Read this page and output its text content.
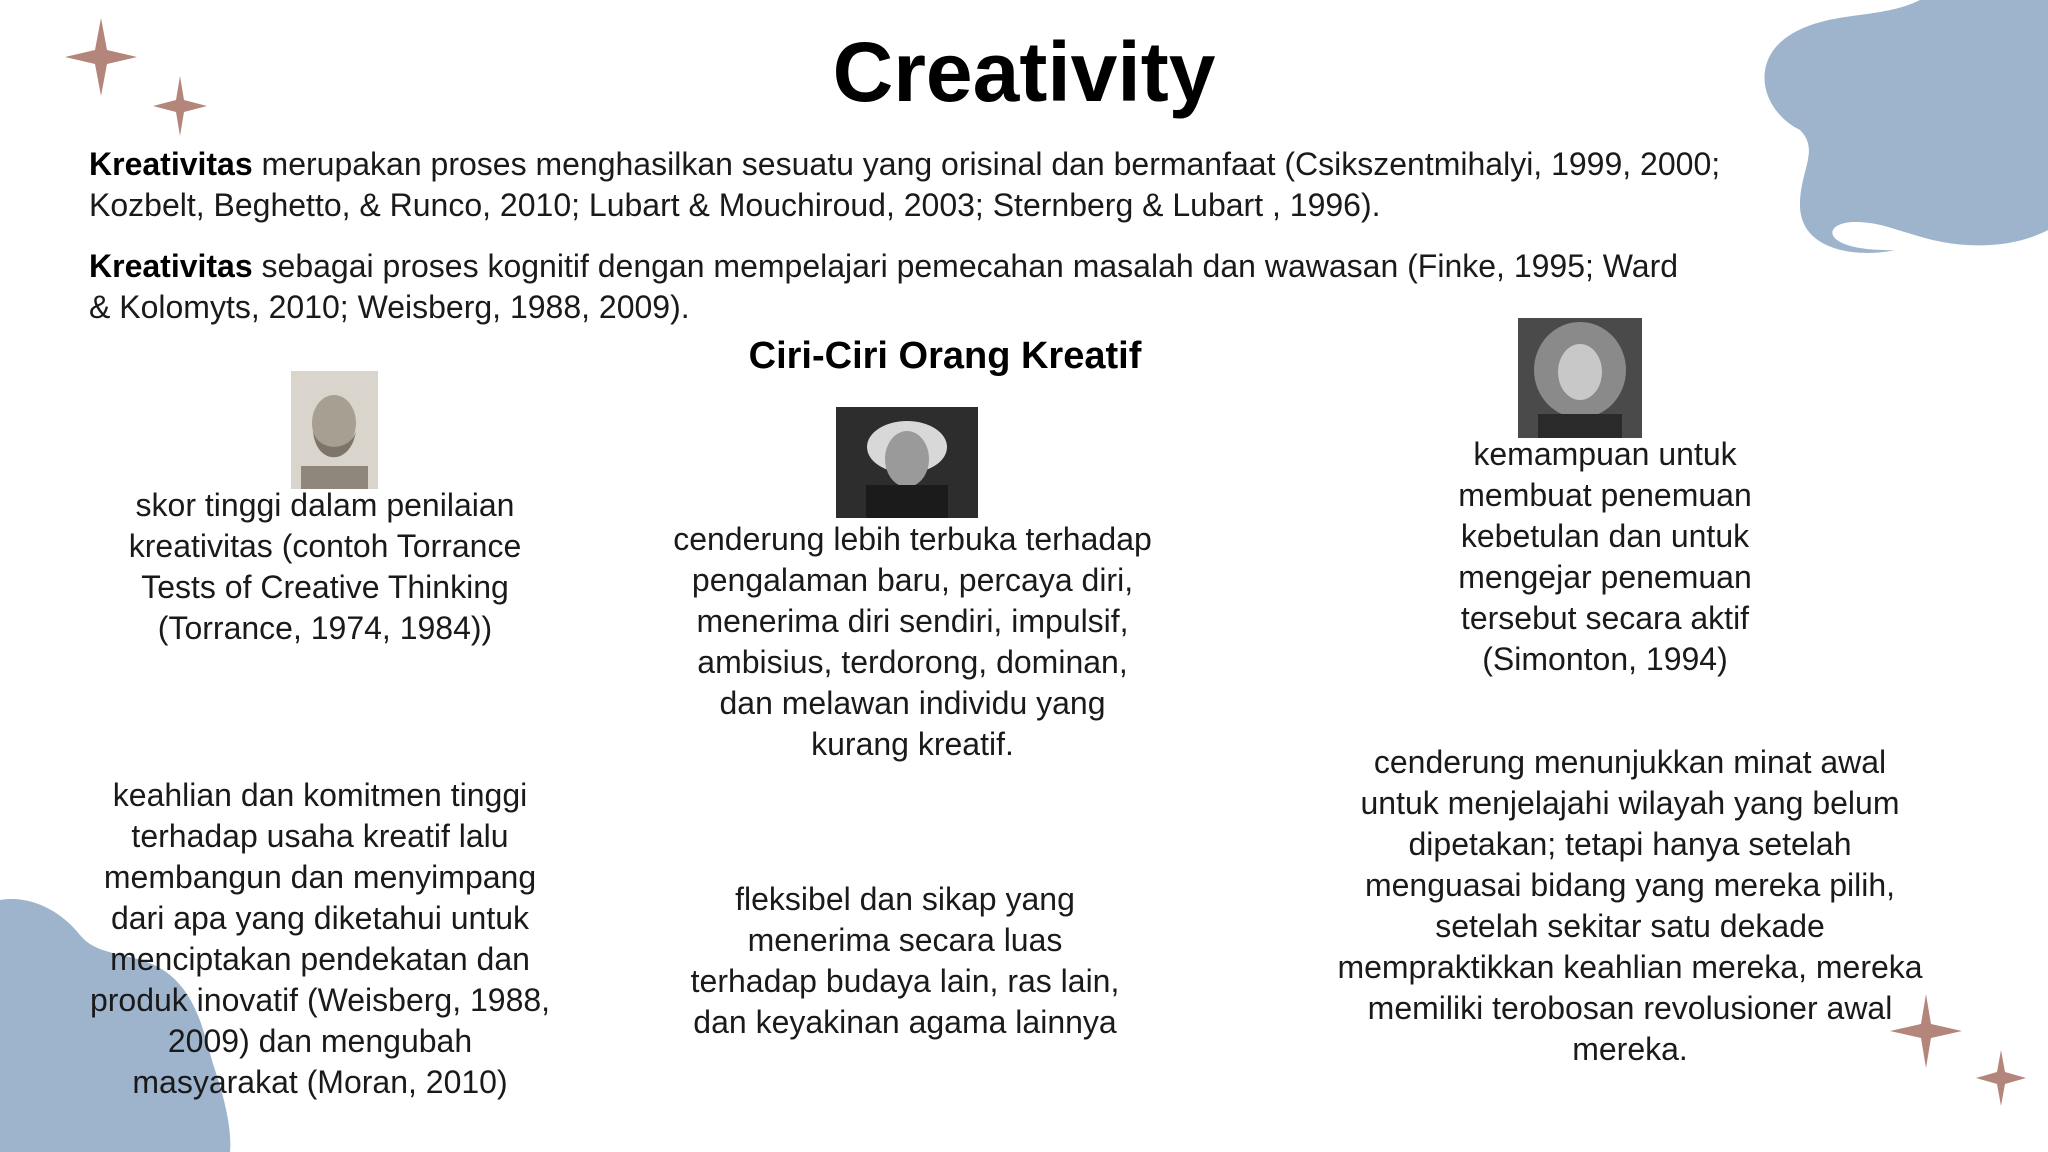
Creativity
Kreativitas merupakan proses menghasilkan sesuatu yang orisinal dan bermanfaat (Csikszentmihalyi, 1999, 2000;
Kozbelt, Beghetto, & Runco, 2010; Lubart & Mouchiroud, 2003; Sternberg & Lubart , 1996).
Kreativitas sebagai proses kognitif dengan mempelajari pemecahan masalah dan wawasan (Finke, 1995; Ward
& Kolomyts, 2010; Weisberg, 1988, 2009).
Ciri-Ciri Orang Kreatif
skor tinggi dalam penilaian
kreativitas (contoh Torrance
Tests of Creative Thinking
(Torrance, 1974, 1984))
cenderung lebih terbuka terhadap
pengalaman baru, percaya diri,
menerima diri sendiri, impulsif,
ambisius, terdorong, dominan,
dan melawan individu yang
kurang kreatif.
kemampuan untuk
membuat penemuan
kebetulan dan untuk
mengejar penemuan
tersebut secara aktif
(Simonton, 1994)
keahlian dan komitmen tinggi
terhadap usaha kreatif lalu
membangun dan menyimpang
dari apa yang diketahui untuk
menciptakan pendekatan dan
produk inovatif (Weisberg, 1988,
2009) dan mengubah
masyarakat (Moran, 2010)
fleksibel dan sikap yang
menerima secara luas
terhadap budaya lain, ras lain,
dan keyakinan agama lainnya
cenderung menunjukkan minat awal
untuk menjelajahi wilayah yang belum
dipetakan; tetapi hanya setelah
menguasai bidang yang mereka pilih,
setelah sekitar satu dekade
mempraktikkan keahlian mereka, mereka
memiliki terobosan revolusioner awal
mereka.
